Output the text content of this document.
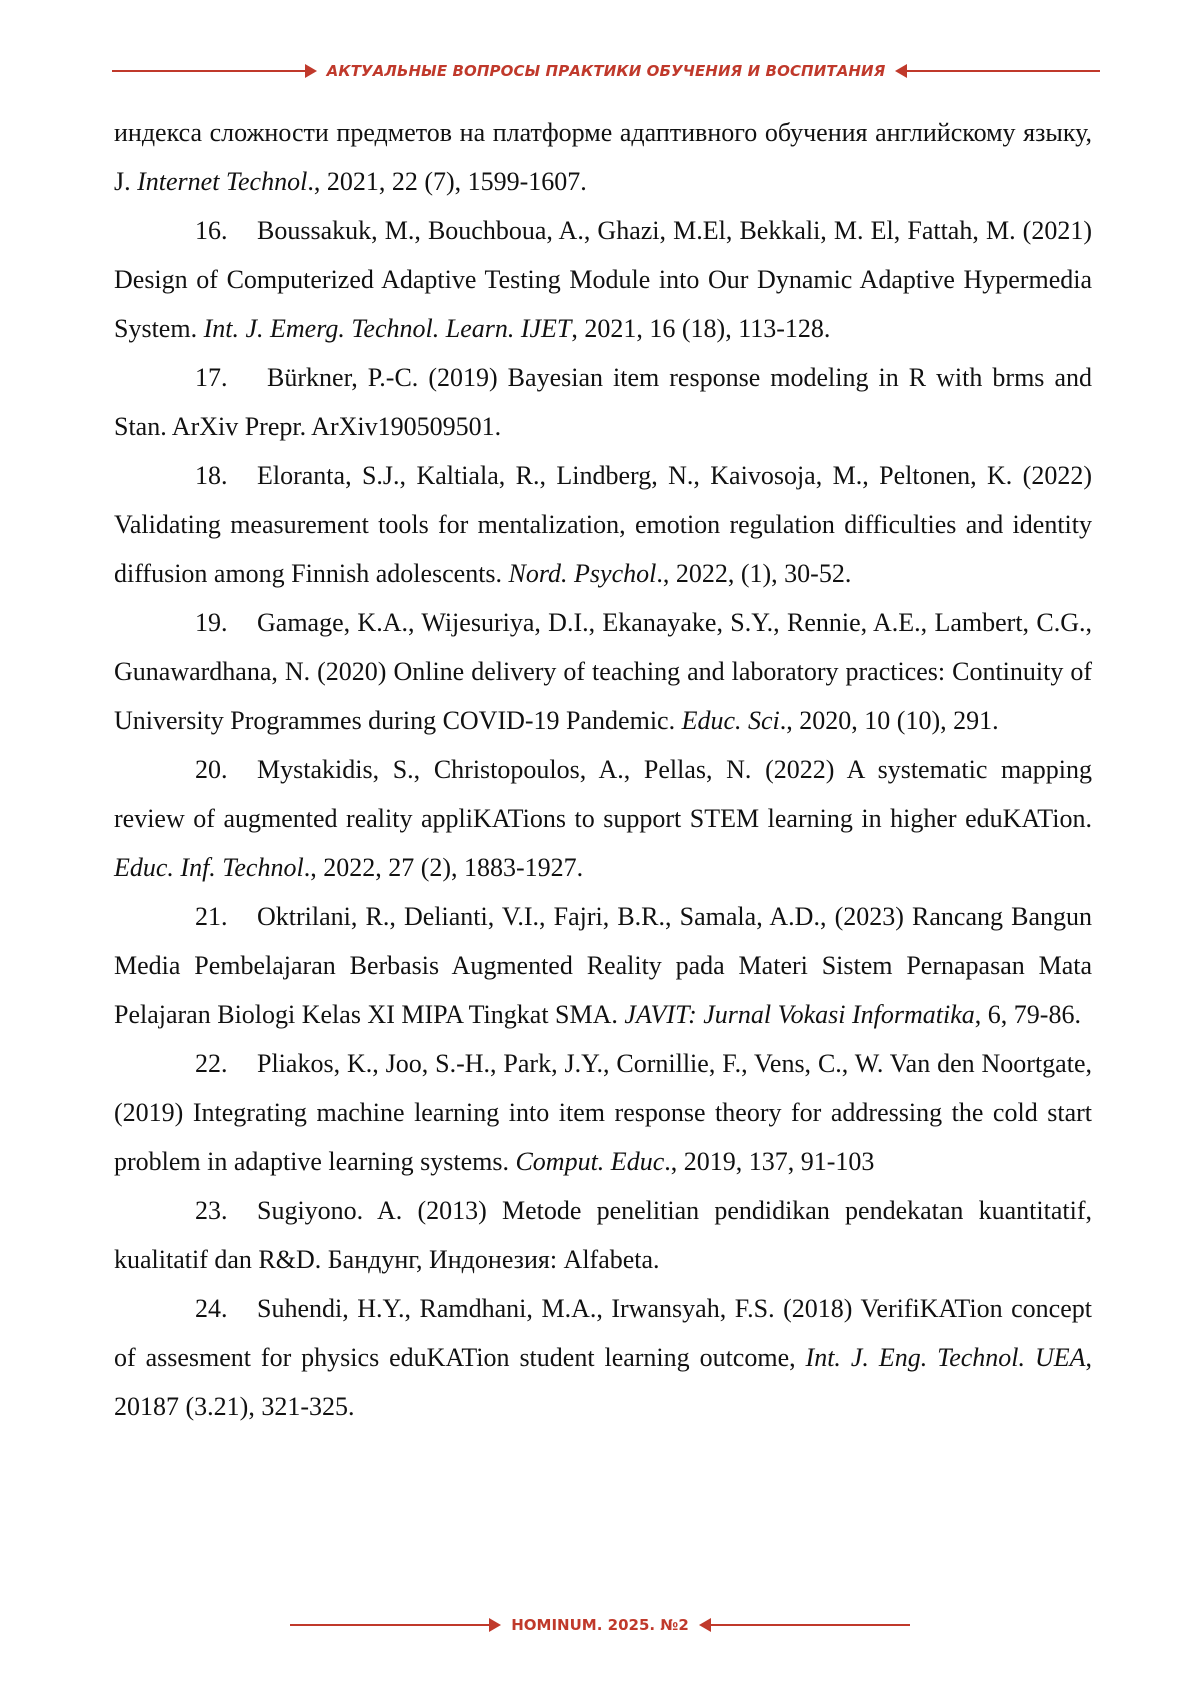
АКТУАЛЬНЫЕ ВОПРОСЫ ПРАКТИКИ ОБУЧЕНИЯ И ВОСПИТАНИЯ

индекса сложности предметов на платформе адаптивного обучения английскому языку, J. Internet Technol., 2021, 22 (7), 1599-1607.

16. Boussakuk, M., Bouchboua, A., Ghazi, M.El, Bekkali, M. El, Fattah, M. (2021) Design of Computerized Adaptive Testing Module into Our Dynamic Adaptive Hypermedia System. Int. J. Emerg. Technol. Learn. IJET, 2021, 16 (18), 113-128.
17. Bürkner, P.-C. (2019) Bayesian item response modeling in R with brms and Stan. ArXiv Prepr. ArXiv190509501.
18. Eloranta, S.J., Kaltiala, R., Lindberg, N., Kaivosoja, M., Peltonen, K. (2022) Validating measurement tools for mentalization, emotion regulation difficulties and identity diffusion among Finnish adolescents. Nord. Psychol., 2022, (1), 30-52.
19. Gamage, K.A., Wijesuriya, D.I., Ekanayake, S.Y., Rennie, A.E., Lambert, C.G., Gunawardhana, N. (2020) Online delivery of teaching and laboratory practices: Continuity of University Programmes during COVID-19 Pandemic. Educ. Sci., 2020, 10 (10), 291.
20. Mystakidis, S., Christopoulos, A., Pellas, N. (2022) A systematic mapping review of augmented reality appliKATions to support STEM learning in higher eduKATion. Educ. Inf. Technol., 2022, 27 (2), 1883-1927.
21. Oktrilani, R., Delianti, V.I., Fajri, B.R., Samala, A.D., (2023) Rancang Bangun Media Pembelajaran Berbasis Augmented Reality pada Materi Sistem Pernapasan Mata Pelajaran Biologi Kelas XI MIPA Tingkat SMA. JAVIT: Jurnal Vokasi Informatika, 6, 79-86.
22. Pliakos, K., Joo, S.-H., Park, J.Y., Cornillie, F., Vens, C., W. Van den Noortgate, (2019) Integrating machine learning into item response theory for addressing the cold start problem in adaptive learning systems. Comput. Educ., 2019, 137, 91-103
23. Sugiyono. A. (2013) Metode penelitian pendidikan pendekatan kuantitatif, kualitatif dan R&D. Бандунг, Индонезия: Alfabeta.
24. Suhendi, H.Y., Ramdhani, M.A., Irwansyah, F.S. (2018) VerifiKATion concept of assesment for physics eduKATion student learning outcome, Int. J. Eng. Technol. UEA, 20187 (3.21), 321-325.
HOMINUM. 2025. №2
